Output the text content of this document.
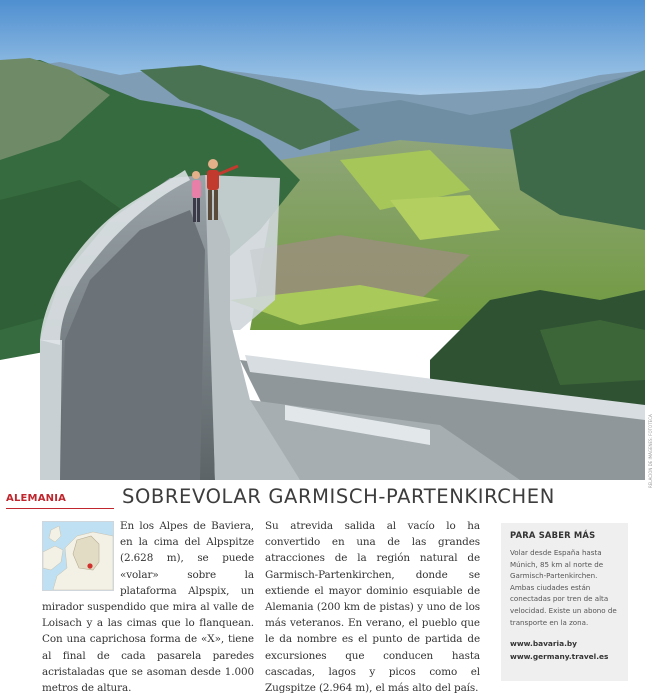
RELACIÓN DE IMÁGENES: FOTOTECA
ALEMANIA	SOBREVOLAR GARMISCH-PARTENKIRCHEN

En los Alpes de Baviera, en la cima del Alpspitze (2.628 m), se puede «volar» sobre la plataforma Alpspix, un mirador suspendido que mira al valle de Loisach y a las cimas que lo flanquean. Con una caprichosa forma de «X», tiene al final de cada pasarela paredes acristaladas que se asoman desde 1.000 metros de altura.

Su atrevida salida al vacío lo ha convertido en una de las grandes atracciones de la región natural de Garmisch-Partenkirchen, donde se extiende el mayor dominio esquiable de Alemania (200 km de pistas) y uno de los más veteranos. En verano, el pueblo que le da nombre es el punto de partida de excursiones que conducen hasta cascadas, lagos y picos como el Zugspitze (2.964 m), el más alto del país.

PARA SABER MÁS

Volar desde España hasta Múnich, 85 km al norte de Garmisch-Partenkirchen. Ambas ciudades están conectadas por tren de alta velocidad. Existe un abono de transporte en la zona.

www.bavaria.by
www.germany.travel.es
